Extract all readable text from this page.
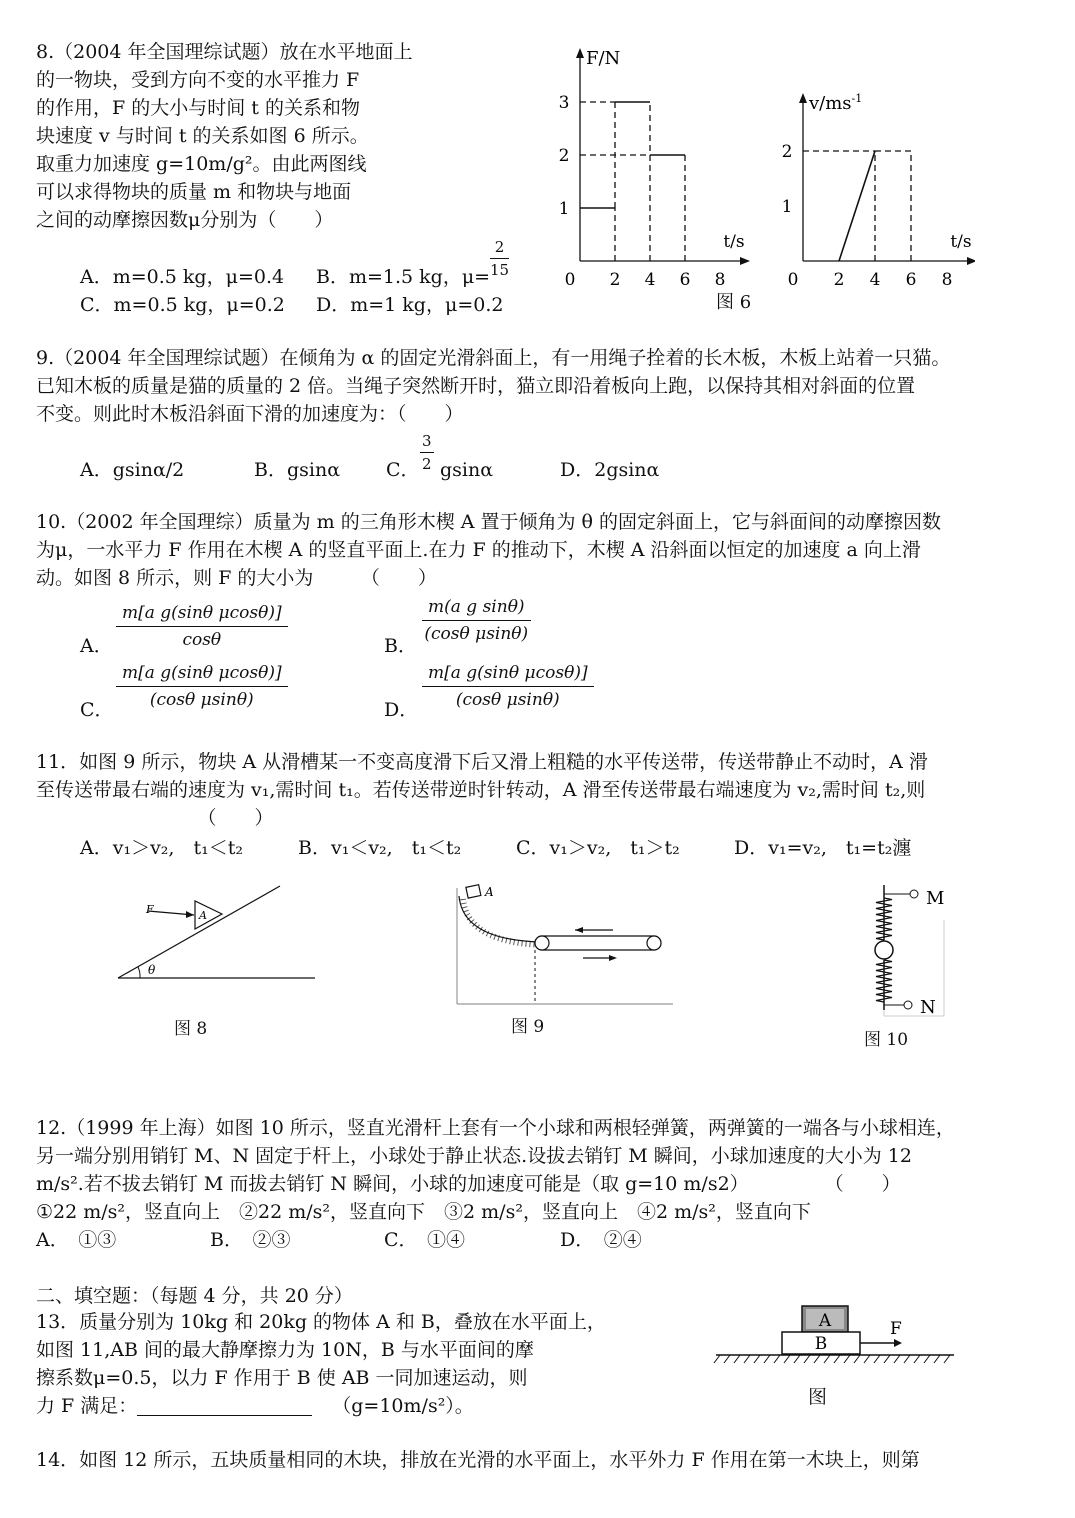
8.（2004 年全国理综试题）放在水平地面上
的一物块，受到方向不变的水平推力 F
的作用，F 的大小与时间 t 的关系和物
块速度 v 与时间 t 的关系如图 6 所示。
取重力加速度 g=10m/g²。由此两图线
可以求得物块的质量 m 和物块与地面
之间的动摩擦因数μ分别为（　　）
A．m=0.5 kg，μ=0.4 B．m=1.5 kg，$\mu= \frac{2}{15}$
C．m=0.5 kg，μ=0.2 D．m=1 kg，μ=0.2
0 2 4 6 8
1
2
3
t/s
F/N
0 2 4 6 8
1
2
t/s
$v/ms^{-1}$
图 6
9.（2004 年全国理综试题）在倾角为 α 的固定光滑斜面上，有一用绳子拴着的长木板，木板上站着一只猫。
已知木板的质量是猫的质量的 2 倍。当绳子突然断开时，猫立即沿着板向上跑，以保持其相对斜面的位置
不变。则此时木板沿斜面下滑的加速度为：（　　）
A．gsinα/2	B．gsinα C． $\frac{3}{2}$ gsinα	D．2gsinα
10.（2002 年全国理综）质量为 m 的三角形木楔 A 置于倾角为 θ 的固定斜面上，它与斜面间的动摩擦因数
为μ，一水平力 F 作用在木楔 A 的竖直平面上.在力 F 的推动下，木楔 A 沿斜面以恒定的加速度 a 向上滑
动。如图 8 所示，则 F 的大小为　　　（　　）
A． $\frac{\text{m[a g(sinθ μcosθ)]}}{\cos\theta}$	B． $\frac{\text{m(a g sinθ)}}{\text{(cosθ μsinθ)}}$
C． $\frac{\text{m[a g(sinθ μcosθ)]}}{\text{(cosθ μsinθ)}}$	D． $\frac{\text{m[a g(sinθ μcosθ)]}}{\text{(cosθ μsinθ)}}$
11．如图 9 所示，物块 A 从滑槽某一不变高度滑下后又滑上粗糙的水平传送带，传送带静止不动时，A 滑
至传送带最右端的速度为 v₁,需时间 t₁。若传送带逆时针转动，A 滑至传送带最右端速度为 v₂,需时间 t₂,则
　　　　　　　　　（　　）
A．v₁＞v₂,　t₁＜t₂	B．v₁＜v₂,　t₁＜t₂	C．v₁＞v₂,　t₁＞t₂	D．v₁=v₂,　t₁=t₂瀍
F	A
θ
图 8
A
图 9
M
N
图 10
12.（1999 年上海）如图 10 所示，竖直光滑杆上套有一个小球和两根轻弹簧，两弹簧的一端各与小球相连，
另一端分别用销钉 M、N 固定于杆上，小球处于静止状态.设拔去销钉 M 瞬间，小球加速度的大小为 12
m/s².若不拔去销钉 M 而拔去销钉 N 瞬间，小球的加速度可能是（取 g=10 m/s2）　　　　　（　　）
①22 m/s²，竖直向上　②22 m/s²，竖直向下　③2 m/s²，竖直向上　④2 m/s²，竖直向下
A．　①③	B．　②③	C．　①④	D．　②④
二、填空题：（每题 4 分，共 20 分）
13．质量分别为 10kg 和 20kg 的物体 A 和 B，叠放在水平面上，
如图 11,AB 间的最大静摩擦力为 10N，B 与水平面间的摩
擦系数μ=0.5，以力 F 作用于 B 使 AB 一同加速运动，则
力 F 满足：	（g=10m/s²）。
A
B
F
图
14．如图 12 所示，五块质量相同的木块，排放在光滑的水平面上，水平外力 F 作用在第一木块上，则第
